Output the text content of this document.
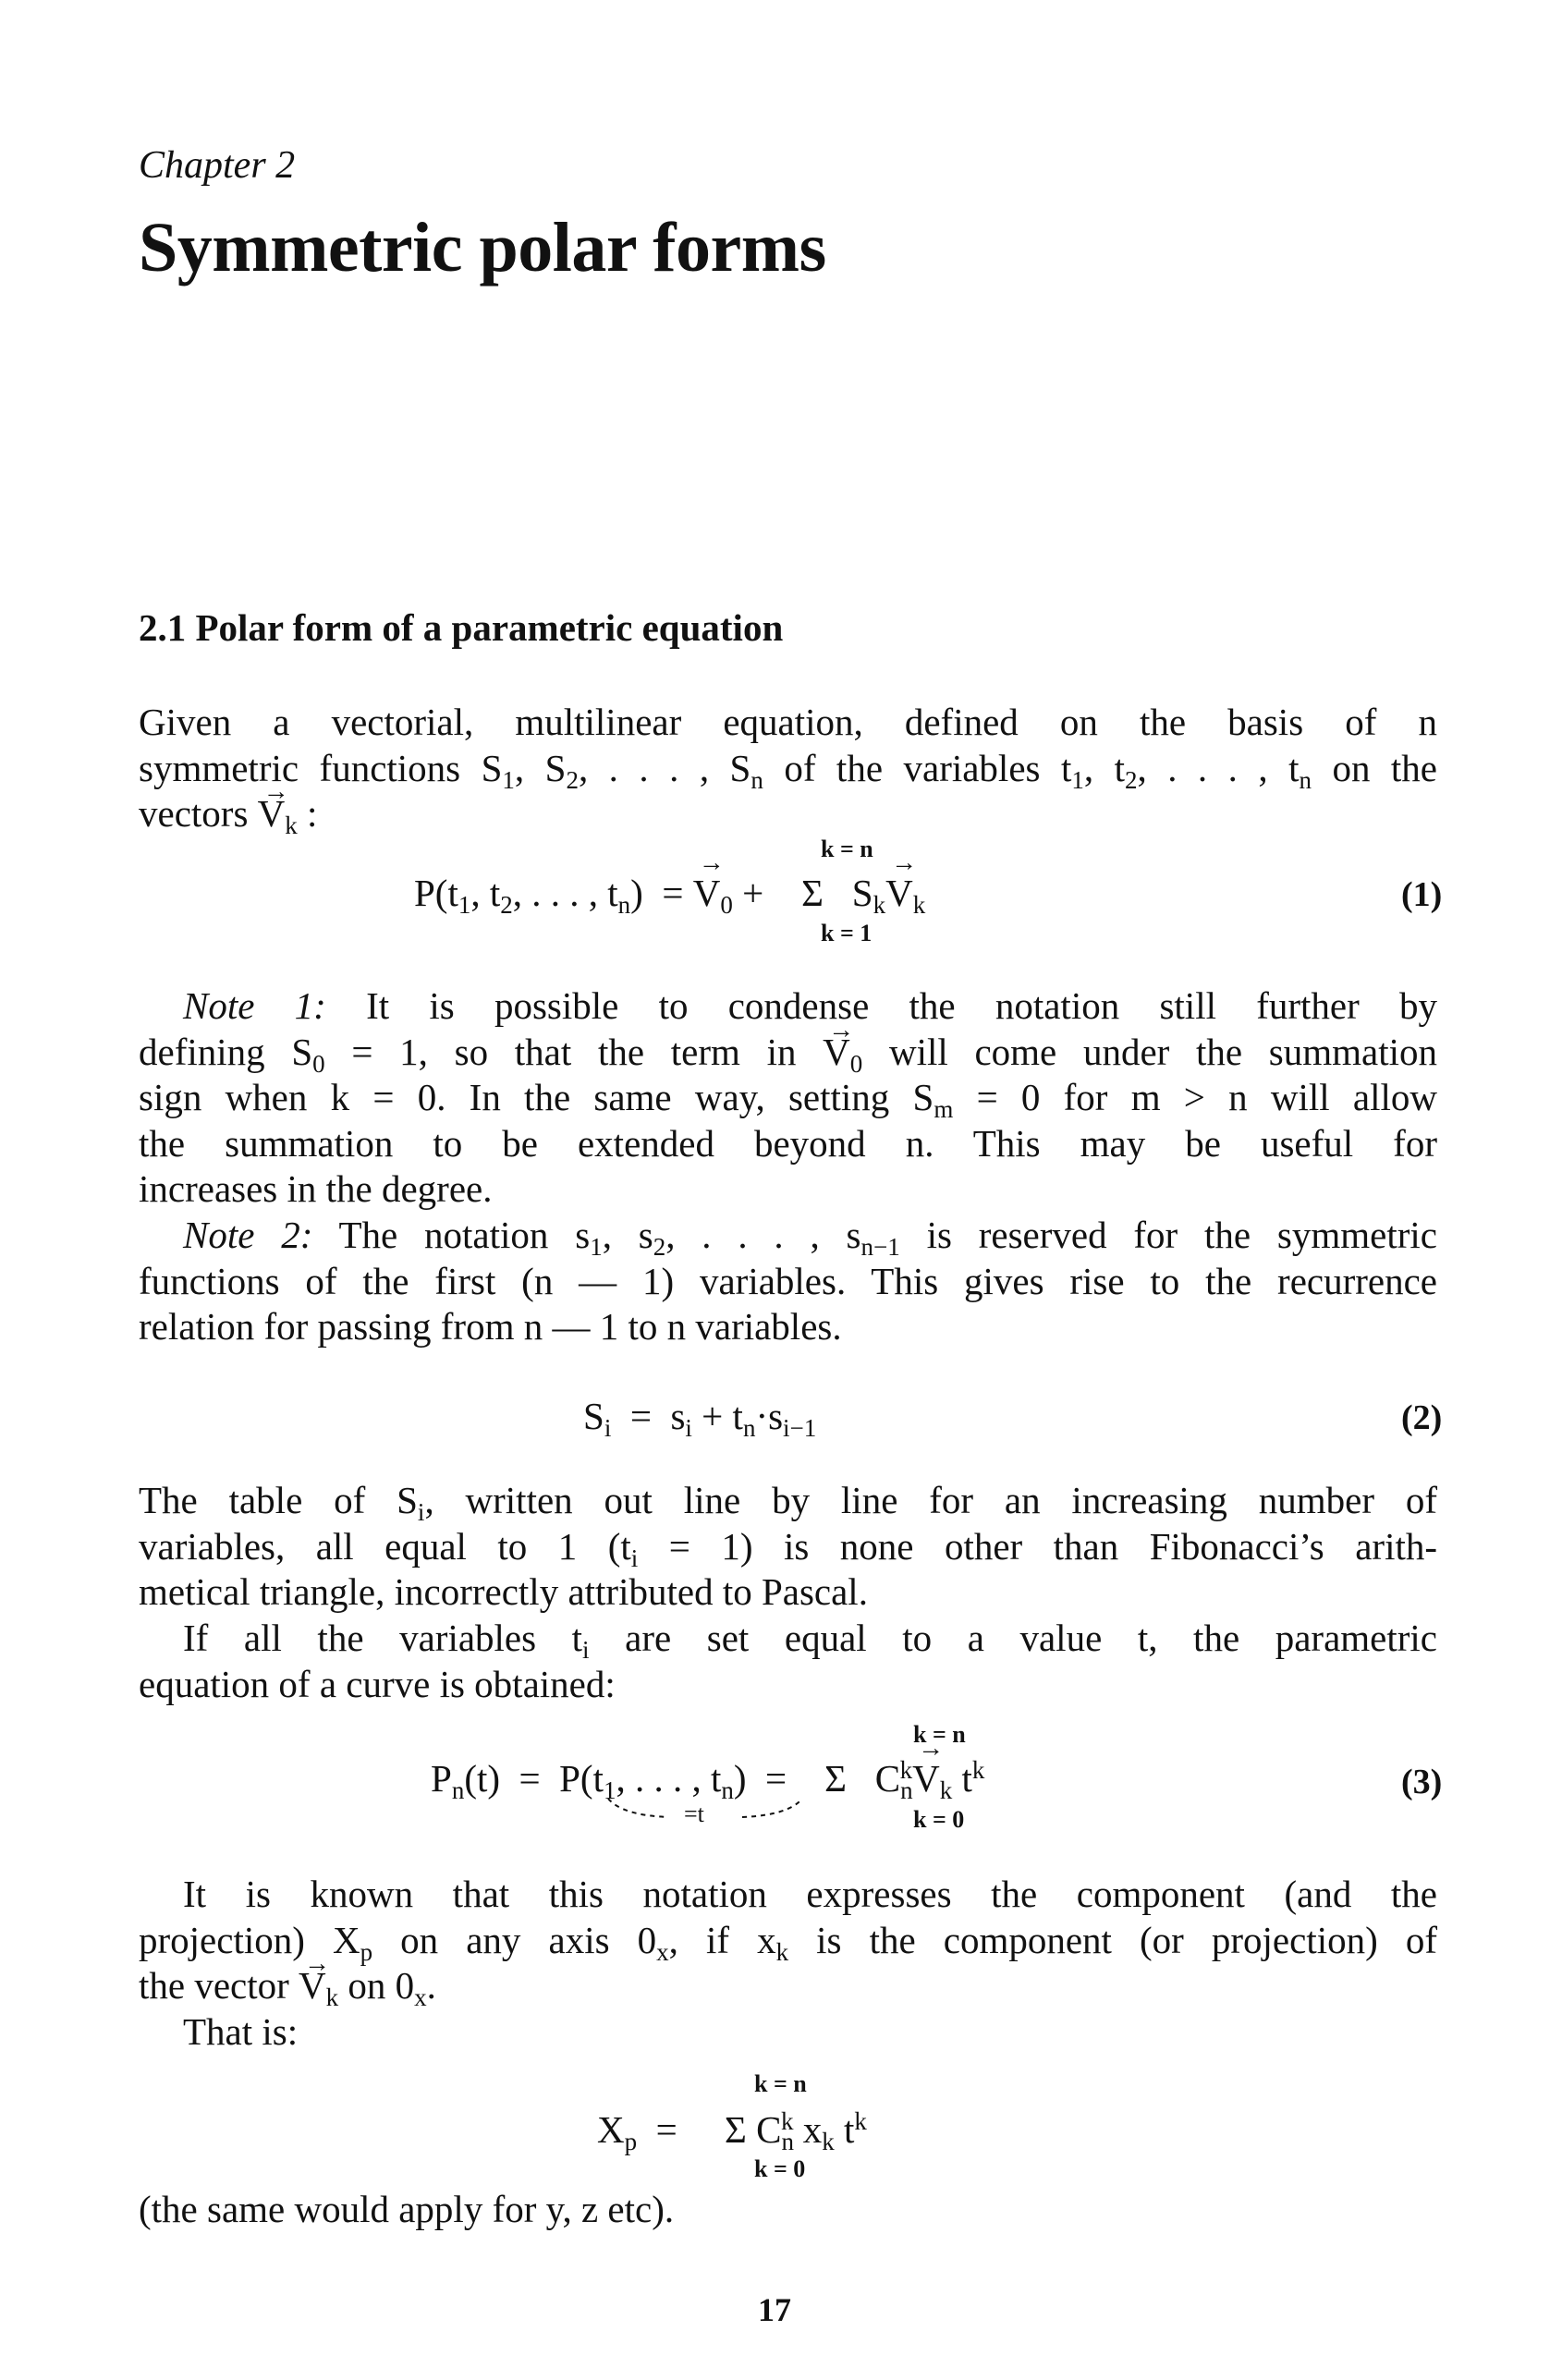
Chapter 2
Symmetric polar forms
2.1 Polar form of a parametric equation
Given a vectorial, multilinear equation, defined on the basis of n
symmetric functions $S_1$, $S_2$, . . . , $S_n$ of the variables $t_1$, $t_2$, . . . , $t_n$ on the
vectors → $V_k$ :
k = n
$P(t_1$, $t_2$, . . . , $t_n$)  = → $V_0$ +    Σ   $S_k\to V_k$
k = 1
(1)
Note 1: It is possible to condense the notation still further by
defining $S_0 = 1$, so that the term in → $V_0$ will come under the summation
sign when k = 0. In the same way, setting $S_m = 0$ for m > n will allow
the summation to be extended beyond n. This may be useful for
increases in the degree.
Note 2: The notation $s_1$, $s_2$, . . . , $s_{n-1}$ is reserved for the symmetric
functions of the first (n — 1) variables. This gives rise to the recurrence
relation for passing from n — 1 to n variables.
$S_i = s_i + t_n\cdot s_{i-1}$	(2)
The table of $S_i$, written out line by line for an increasing number of
variables, all equal to 1 $(t_i = 1)$ is none other than Fibonacci’s arith-
metical triangle, incorrectly attributed to Pascal.
If all the variables $t_i$ are set equal to a value t, the parametric
equation of a curve is obtained:
k = n
$P_n(t) = P(t_1$, . . . , $t_n$)  =    Σ   $C_n^k\to V_k$ $t^k$
=t	k = 0
(3)
It is known that this notation expresses the component (and the
projection) $X_p$ on any axis $0_x$, if $x_k$ is the component (or projection) of
the vector → $V_k$ on $0_x$.
That is:
k = n
$X_p$  =     Σ $C_n^k$ $x_k$ $t^k$
k = 0
(the same would apply for y, z etc).
17
